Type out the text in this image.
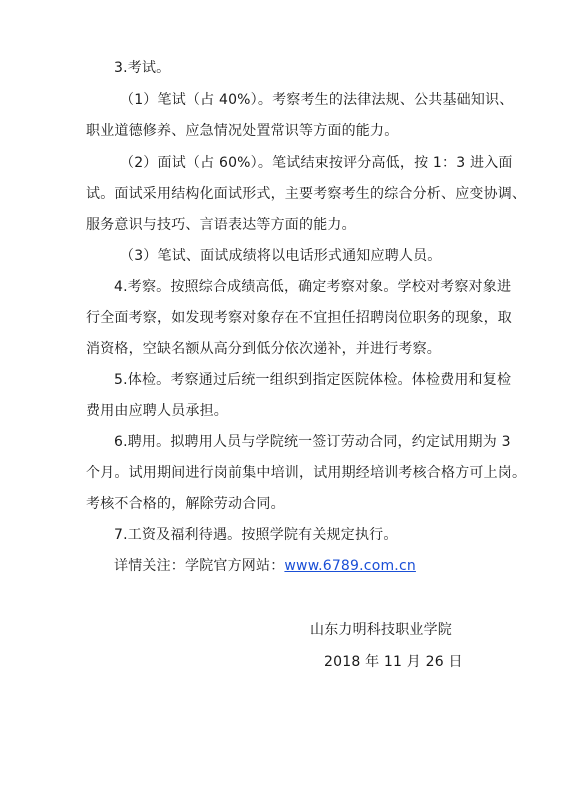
3.考试。
（1）笔试（占 40%）。考察考生的法律法规、公共基础知识、
职业道德修养、应急情况处置常识等方面的能力。
（2）面试（占 60%）。笔试结束按评分高低，按 1：3 进入面
试。面试采用结构化面试形式，主要考察考生的综合分析、应变协调、
服务意识与技巧、言语表达等方面的能力。
（3）笔试、面试成绩将以电话形式通知应聘人员。
4.考察。按照综合成绩高低，确定考察对象。学校对考察对象进
行全面考察，如发现考察对象存在不宜担任招聘岗位职务的现象，取
消资格，空缺名额从高分到低分依次递补，并进行考察。
5.体检。考察通过后统一组织到指定医院体检。体检费用和复检
费用由应聘人员承担。
6.聘用。拟聘用人员与学院统一签订劳动合同，约定试用期为 3
个月。试用期间进行岗前集中培训，试用期经培训考核合格方可上岗。
考核不合格的，解除劳动合同。
7.工资及福利待遇。按照学院有关规定执行。
详情关注：学院官方网站：www.6789.com.cn
山东力明科技职业学院
2018 年 11 月 26 日
